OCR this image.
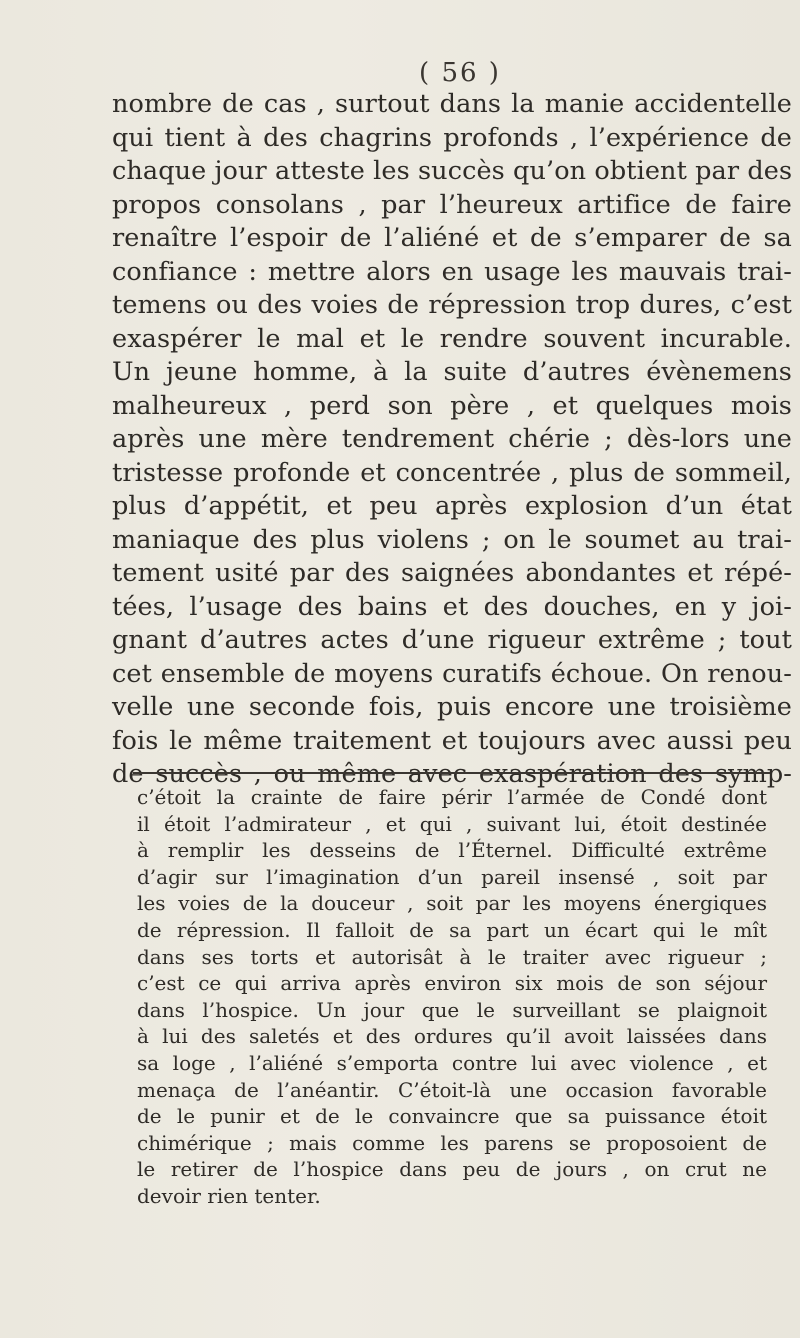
( 56 )
nombre de cas , surtout dans la manie accidentelle
qui tient à des chagrins profonds , l’expérience de
chaque jour atteste les succès qu’on obtient par des
propos consolans , par l’heureux artifice de faire
renaître l’espoir de l’aliéné et de s’emparer de sa
confiance : mettre alors en usage les mauvais trai-
temens ou des voies de répression trop dures, c’est
exaspérer le mal et le rendre souvent incurable.
Un jeune homme, à la suite d’autres évènemens
malheureux , perd son père , et quelques mois
après une mère tendrement chérie ; dès-lors une
tristesse profonde et concentrée , plus de sommeil,
plus d’appétit, et peu après explosion d’un état
maniaque des plus violens ; on le soumet au trai-
tement usité par des saignées abondantes et répé-
tées, l’usage des bains et des douches, en y joi-
gnant d’autres actes d’une rigueur extrême ; tout
cet ensemble de moyens curatifs échoue. On renou-
velle une seconde fois, puis encore une troisième
fois le même traitement et toujours avec aussi peu
de succès , ou même avec exaspération des symp-
c’étoit la crainte de faire périr l’armée de Condé dont
il étoit l’admirateur , et qui , suivant lui, étoit destinée
à remplir les desseins de l’Éternel. Difficulté extrême
d’agir sur l’imagination d’un pareil insensé , soit par
les voies de la douceur , soit par les moyens énergiques
de répression. Il falloit de sa part un écart qui le mît
dans ses torts et autorisât à le traiter avec rigueur ;
c’est ce qui arriva après environ six mois de son séjour
dans l’hospice. Un jour que le surveillant se plaignoit
à lui des saletés et des ordures qu’il avoit laissées dans
sa loge , l’aliéné s’emporta contre lui avec violence , et
menaça de l’anéantir. C’étoit-là une occasion favorable
de le punir et de le convaincre que sa puissance étoit
chimérique ; mais comme les parens se proposoient de
le retirer de l’hospice dans peu de jours , on crut ne
devoir rien tenter.
